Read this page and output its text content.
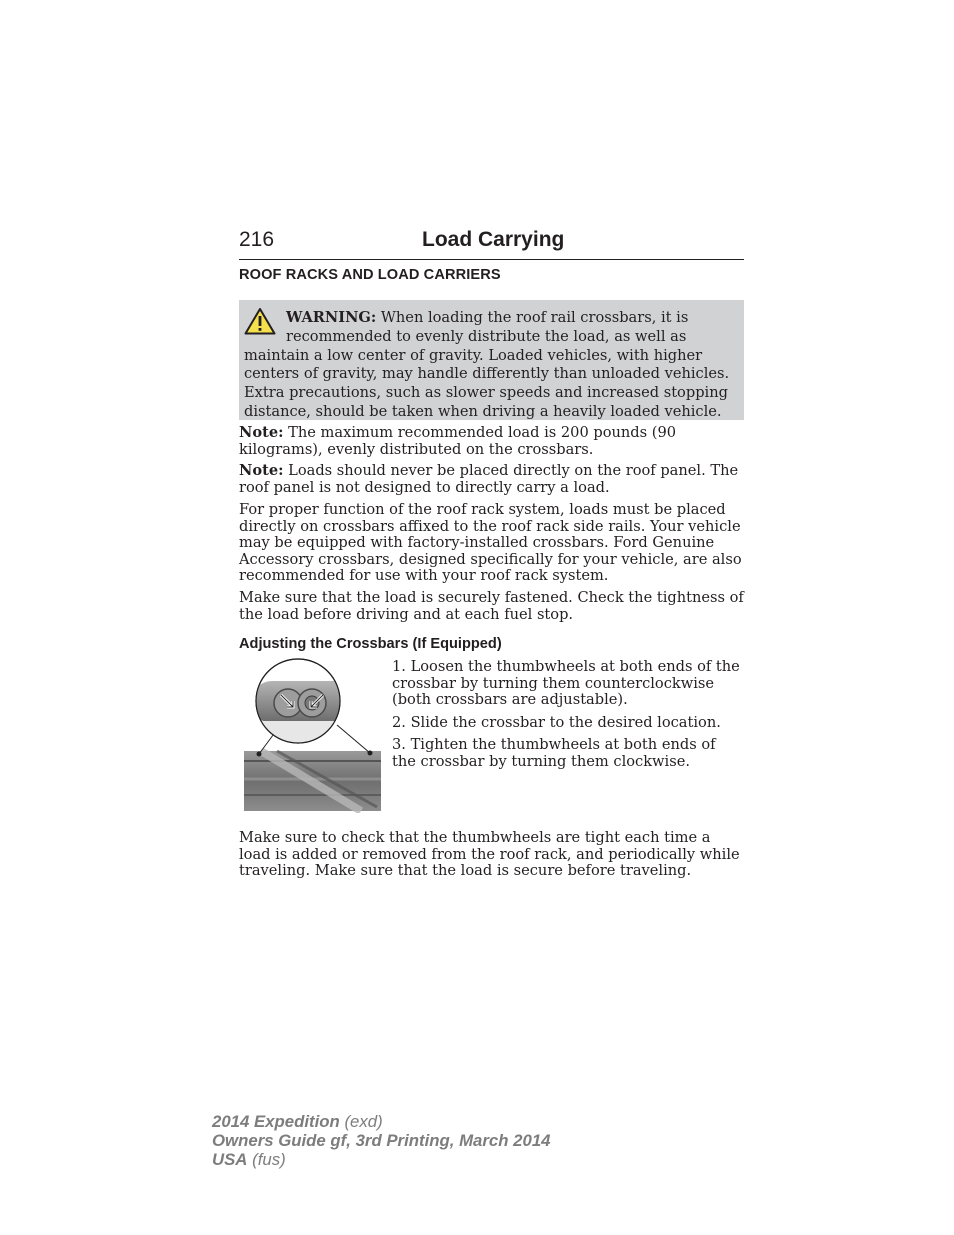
216	Load Carrying
ROOF RACKS AND LOAD CARRIERS
WARNING: When loading the roof rail crossbars, it is
recommended to evenly distribute the load, as well as maintain a low center of gravity. Loaded vehicles, with higher centers of gravity, may handle differently than unloaded vehicles. Extra precautions, such as slower speeds and increased stopping distance, should be taken when driving a heavily loaded vehicle.

Note: The maximum recommended load is 200 pounds (90 kilograms), evenly distributed on the crossbars.

Note: Loads should never be placed directly on the roof panel. The roof panel is not designed to directly carry a load.

For proper function of the roof rack system, loads must be placed directly on crossbars affixed to the roof rack side rails. Your vehicle may be equipped with factory-installed crossbars. Ford Genuine Accessory crossbars, designed specifically for your vehicle, are also recommended for use with your roof rack system.

Make sure that the load is securely fastened. Check the tightness of the load before driving and at each fuel stop.

Adjusting the Crossbars (If Equipped)

1. Loosen the thumbwheels at both ends of the crossbar by turning them counterclockwise (both crossbars are adjustable).

2. Slide the crossbar to the desired location.

3. Tighten the thumbwheels at both ends of the crossbar by turning them clockwise.

Make sure to check that the thumbwheels are tight each time a load is added or removed from the roof rack, and periodically while traveling. Make sure that the load is secure before traveling.

2014 Expedition (exd)
Owners Guide gf, 3rd Printing, March 2014
USA (fus)
